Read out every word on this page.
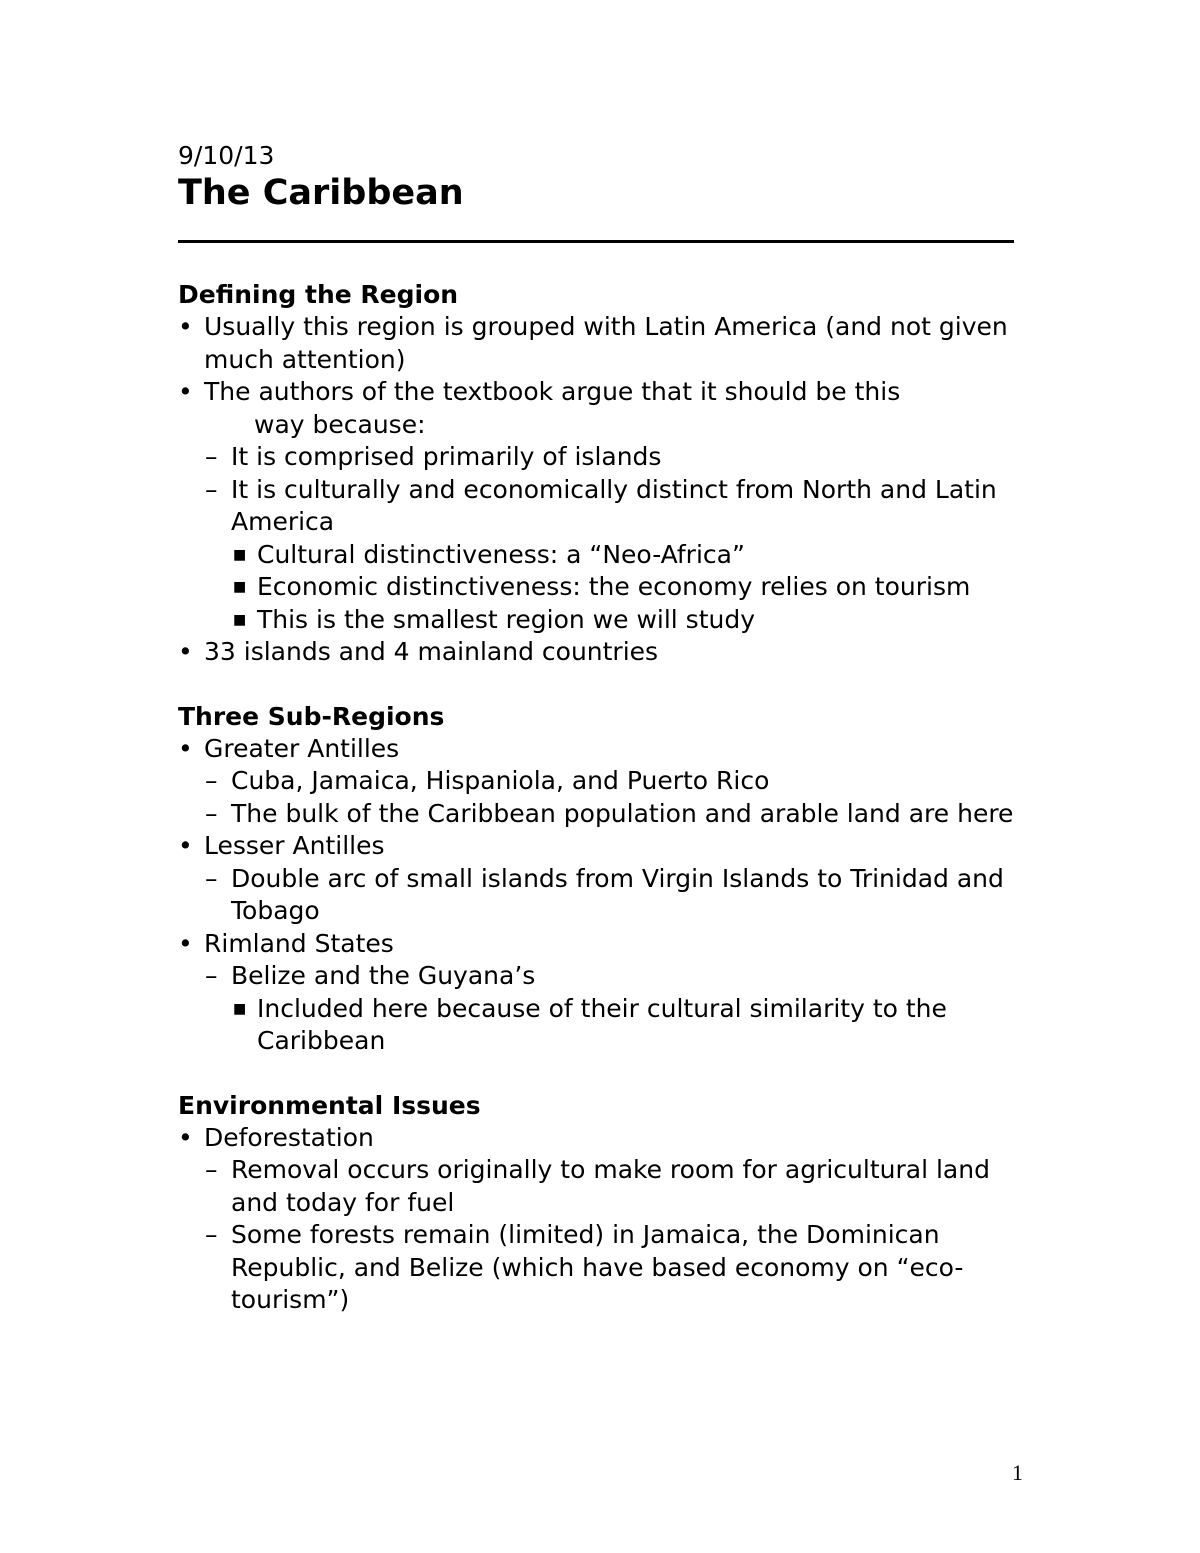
9/10/13

The Caribbean

Defining the Region

• Usually this region is grouped with Latin America (and not given much attention)
• The authors of the textbook argue that it should be this
way because:
– It is comprised primarily of islands
– It is culturally and economically distinct from North and Latin America
■ Cultural distinctiveness: a “Neo-Africa”
■ Economic distinctiveness: the economy relies on tourism
■ This is the smallest region we will study
• 33 islands and 4 mainland countries

Three Sub-Regions

• Greater Antilles
– Cuba, Jamaica, Hispaniola, and Puerto Rico
– The bulk of the Caribbean population and arable land are here
• Lesser Antilles
– Double arc of small islands from Virgin Islands to Trinidad and Tobago
• Rimland States
– Belize and the Guyana’s
■ Included here because of their cultural similarity to the Caribbean

Environmental Issues

• Deforestation
– Removal occurs originally to make room for agricultural land and today for fuel
– Some forests remain (limited) in Jamaica, the Dominican Republic, and Belize (which have based economy on “eco-tourism”)
1
